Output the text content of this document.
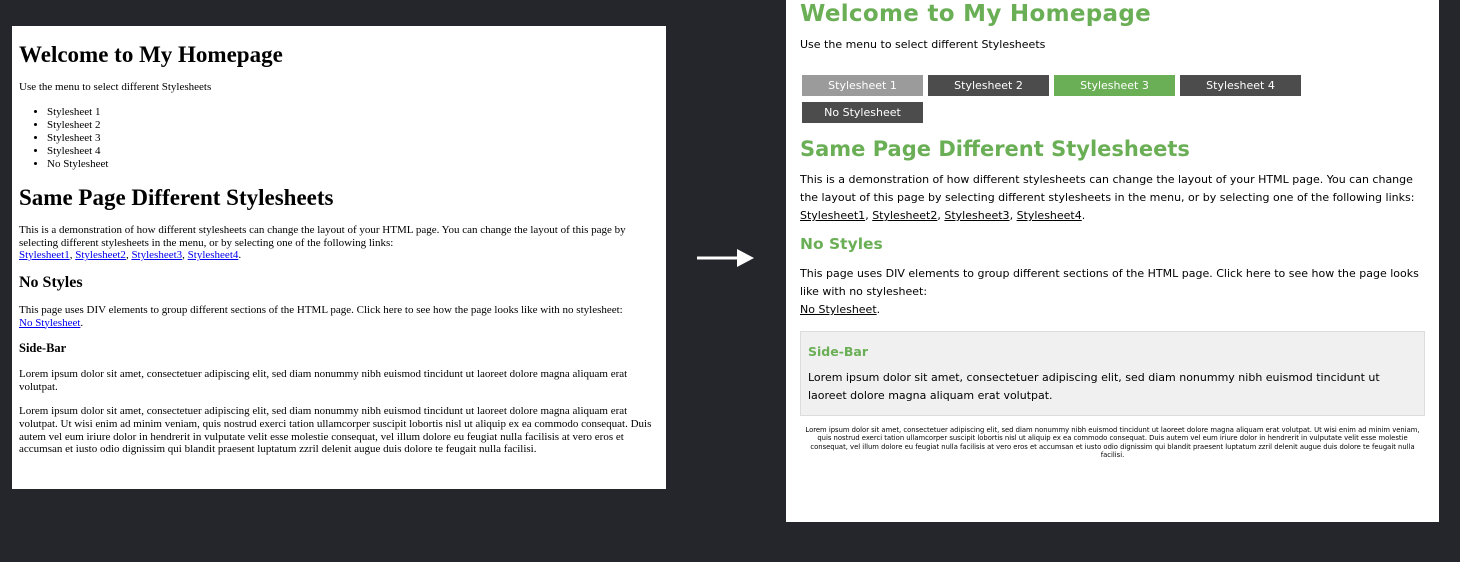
Welcome to My Homepage

Use the menu to select different Stylesheets

• Stylesheet 1
• Stylesheet 2
• Stylesheet 3
• Stylesheet 4
• No Stylesheet
Same Page Different Stylesheets

This is a demonstration of how different stylesheets can change the layout of your HTML page. You can change the layout of this page by selecting different stylesheets in the menu, or by selecting one of the following links:
Stylesheet1, Stylesheet2, Stylesheet3, Stylesheet4.

No Styles

This page uses DIV elements to group different sections of the HTML page. Click here to see how the page looks like with no stylesheet:
No Stylesheet.

Side-Bar

Lorem ipsum dolor sit amet, consectetuer adipiscing elit, sed diam nonummy nibh euismod tincidunt ut laoreet dolore magna aliquam erat volutpat.

Lorem ipsum dolor sit amet, consectetuer adipiscing elit, sed diam nonummy nibh euismod tincidunt ut laoreet dolore magna aliquam erat volutpat. Ut wisi enim ad minim veniam, quis nostrud exerci tation ullamcorper suscipit lobortis nisl ut aliquip ex ea commodo consequat. Duis autem vel eum iriure dolor in hendrerit in vulputate velit esse molestie consequat, vel illum dolore eu feugiat nulla facilisis at vero eros et accumsan et iusto odio dignissim qui blandit praesent luptatum zzril delenit augue duis dolore te feugait nulla facilisi.

Welcome to My Homepage

Use the menu to select different Stylesheets

Stylesheet 1	Stylesheet 2	Stylesheet 3	Stylesheet 4
No Stylesheet
Same Page Different Stylesheets

This is a demonstration of how different stylesheets can change the layout of your HTML page. You can change the layout of this page by selecting different stylesheets in the menu, or by selecting one of the following links:
Stylesheet1, Stylesheet2, Stylesheet3, Stylesheet4.

No Styles

This page uses DIV elements to group different sections of the HTML page. Click here to see how the page looks like with no stylesheet:
No Stylesheet.

Side-Bar

Lorem ipsum dolor sit amet, consectetuer adipiscing elit, sed diam nonummy nibh euismod tincidunt ut laoreet dolore magna aliquam erat volutpat.

Lorem ipsum dolor sit amet, consectetuer adipiscing elit, sed diam nonummy nibh euismod tincidunt ut laoreet dolore magna aliquam erat volutpat. Ut wisi enim ad minim veniam, quis nostrud exerci tation ullamcorper suscipit lobortis nisl ut aliquip ex ea commodo consequat. Duis autem vel eum iriure dolor in hendrerit in vulputate velit esse molestie consequat, vel illum dolore eu feugiat nulla facilisis at vero eros et accumsan et iusto odio dignissim qui blandit praesent luptatum zzril delenit augue duis dolore te feugait nulla facilisi.
